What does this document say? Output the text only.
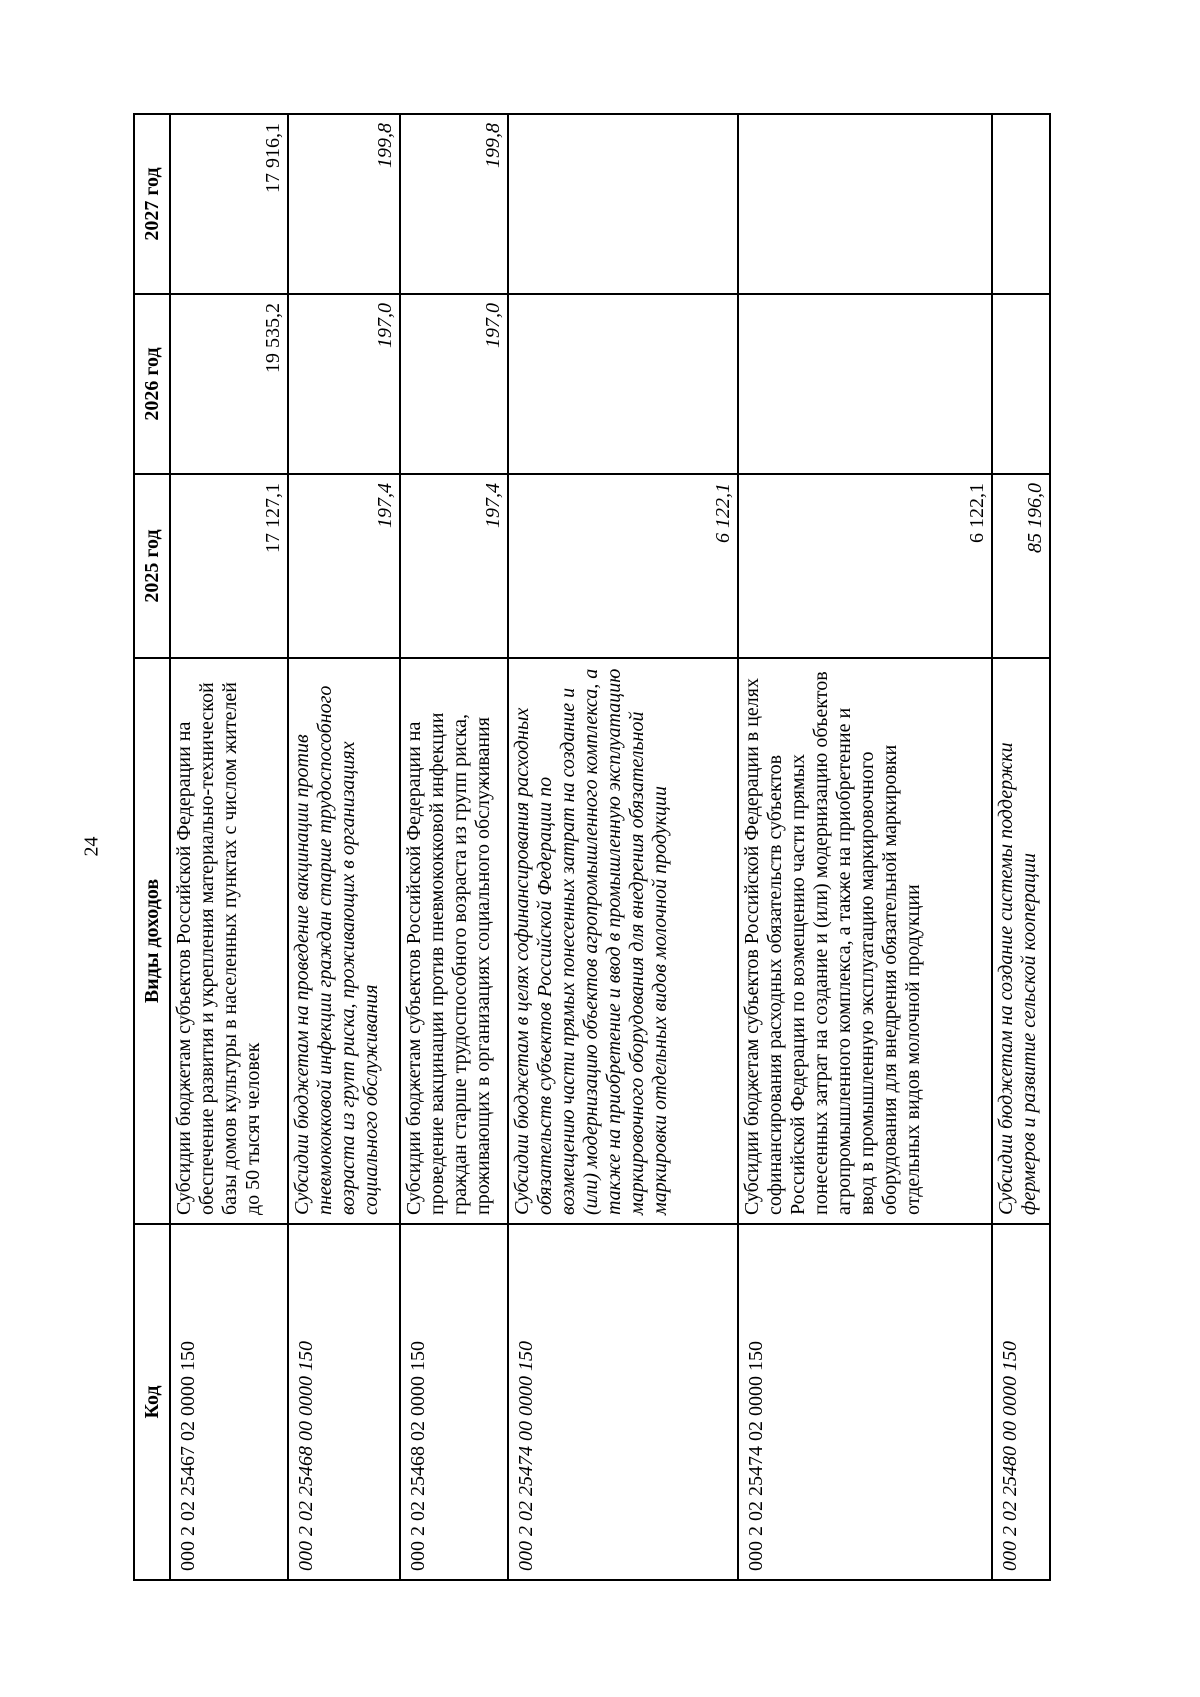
24
Код	Виды доходов	2025 год	2026 год	2027 год
000 2 02 25467 02 0000 150	Субсидии бюджетам субъектов Российской Федерации на обеспечение развития и укрепления материально-технической базы домов культуры в населенных пунктах с числом жителей до 50 тысяч человек	17 127,1	19 535,2	17 916,1
000 2 02 25468 00 0000 150	Субсидии бюджетам на проведение вакцинации против пневмококковой инфекции граждан старше трудоспособного возраста из групп риска, проживающих в организациях социального обслуживания	197,4	197,0	199,8
000 2 02 25468 02 0000 150	Субсидии бюджетам субъектов Российской Федерации на проведение вакцинации против пневмококковой инфекции граждан старше трудоспособного возраста из групп риска, проживающих в организациях социального обслуживания	197,4	197,0	199,8
000 2 02 25474 00 0000 150	Субсидии бюджетам в целях софинансирования расходных обязательств субъектов Российской Федерации по возмещению части прямых понесенных затрат на создание и (или) модернизацию объектов агропромышленного комплекса, а также на приобретение и ввод в промышленную эксплуатацию маркировочного оборудования для внедрения обязательной маркировки отдельных видов молочной продукции	6 122,1		
000 2 02 25474 02 0000 150	Субсидии бюджетам субъектов Российской Федерации в целях софинансирования расходных обязательств субъектов Российской Федерации по возмещению части прямых понесенных затрат на создание и (или) модернизацию объектов агропромышленного комплекса, а также на приобретение и ввод в промышленную эксплуатацию маркировочного оборудования для внедрения обязательной маркировки отдельных видов молочной продукции	6 122,1		
000 2 02 25480 00 0000 150	Субсидии бюджетам на создание системы поддержки фермеров и развитие сельской кооперации	85 196,0		
